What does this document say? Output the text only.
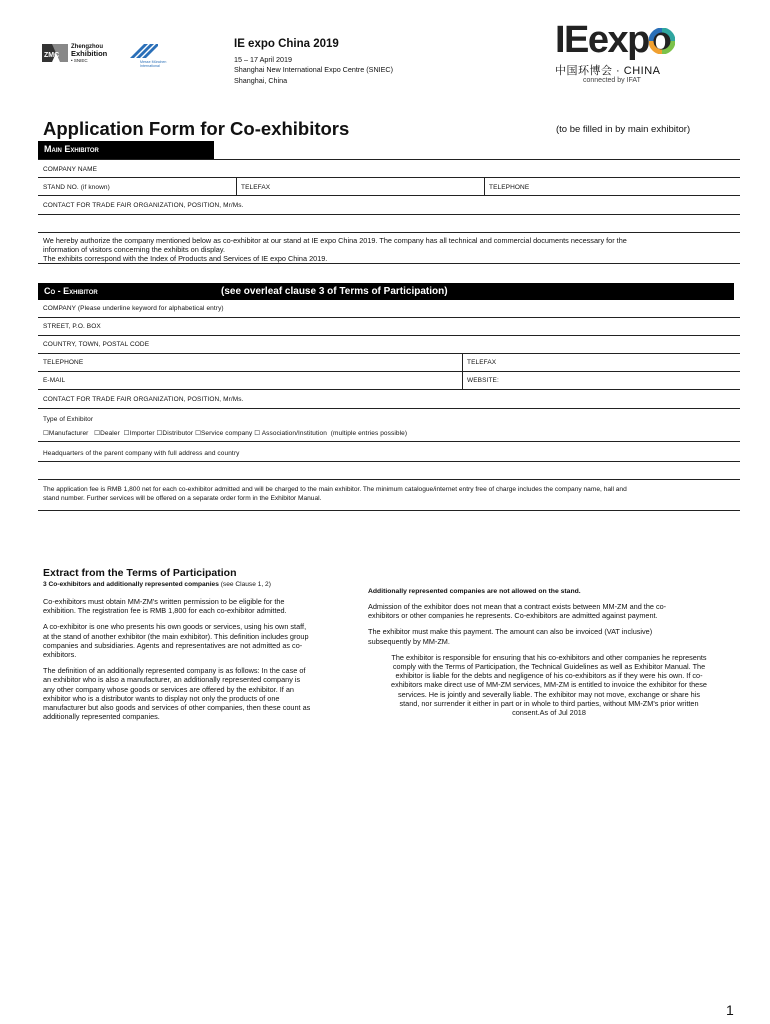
ZMC
Zhengzhou
Exhibition
• SNIEC	Messe München International
IE expo China 2019
15 – 17 April 2019
Shanghai New International Expo Centre (SNIEC)
Shanghai, China
IEexpo
中国环博会 · CHINA
connected by IFAT
Application Form for Co-exhibitors	(to be filled in by main exhibitor)
Main Exhibitor
COMPANY NAME
STAND NO. (if known)	TELEFAX	TELEPHONE
CONTACT FOR TRADE FAIR ORGANIZATION, POSITION, Mr/Ms.
We hereby authorize the company mentioned below as co-exhibitor at our stand at IE expo China 2019. The company has all technical and commercial documents necessary for the
information of visitors concerning the exhibits on display.
The exhibits correspond with the Index of Products and Services of IE expo China 2019.
Co - Exhibitor	(see overleaf clause 3 of Terms of Participation)
COMPANY (Please underline keyword for alphabetical entry)
STREET, P.O. BOX
COUNTRY, TOWN, POSTAL CODE
TELEPHONE	TELEFAX
E-MAIL	WEBSITE:
CONTACT FOR TRADE FAIR ORGANIZATION, POSITION, Mr/Ms.
Type of Exhibitor
☐Manufacturer ☐Dealer ☐Importer ☐Distributor ☐Service company ☐ Association/Institution (multiple entries possible)
Headquarters of the parent company with full address and country
The application fee is RMB 1,800 net for each co-exhibitor admitted and will be charged to the main exhibitor. The minimum catalogue/internet entry free of charge includes the company name, hall and
stand number. Further services will be offered on a separate order form in the Exhibitor Manual.
Extract from the Terms of Participation
3 Co-exhibitors and additionally represented companies (see Clause 1, 2)
Co-exhibitors must obtain MM-ZM's written permission to be eligible for the
exhibition. The registration fee is RMB 1,800 for each co-exhibitor admitted.
A co-exhibitor is one who presents his own goods or services, using his own staff,
at the stand of another exhibitor (the main exhibitor). This definition includes group
companies and subsidiaries. Agents and representatives are not admitted as co-
exhibitors.
The definition of an additionally represented company is as follows: In the case of
an exhibitor who is also a manufacturer, an additionally represented company is
any other company whose goods or services are offered by the exhibitor. If an
exhibitor who is a distributor wants to display not only the products of one
manufacturer but also goods and services of other companies, then these count as
additionally represented companies.
Additionally represented companies are not allowed on the stand.
Admission of the exhibitor does not mean that a contract exists between MM-ZM and the co-
exhibitors or other companies he represents. Co-exhibitors are admitted against payment.
The exhibitor must make this payment. The amount can also be invoiced (VAT inclusive)
subsequently by MM-ZM.
The exhibitor is responsible for ensuring that his co-exhibitors and other companies he represents
comply with the Terms of Participation, the Technical Guidelines as well as Exhibitor Manual. The
exhibitor is liable for the debts and negligence of his co-exhibitors as if they were his own. If co-
exhibitors make direct use of MM-ZM services, MM-ZM is entitled to invoice the exhibitor for these
services. He is jointly and severally liable. The exhibitor may not move, exchange or share his
stand, nor surrender it either in part or in whole to third parties, without MM-ZM's prior written
consent.As of Jul 2018
1
